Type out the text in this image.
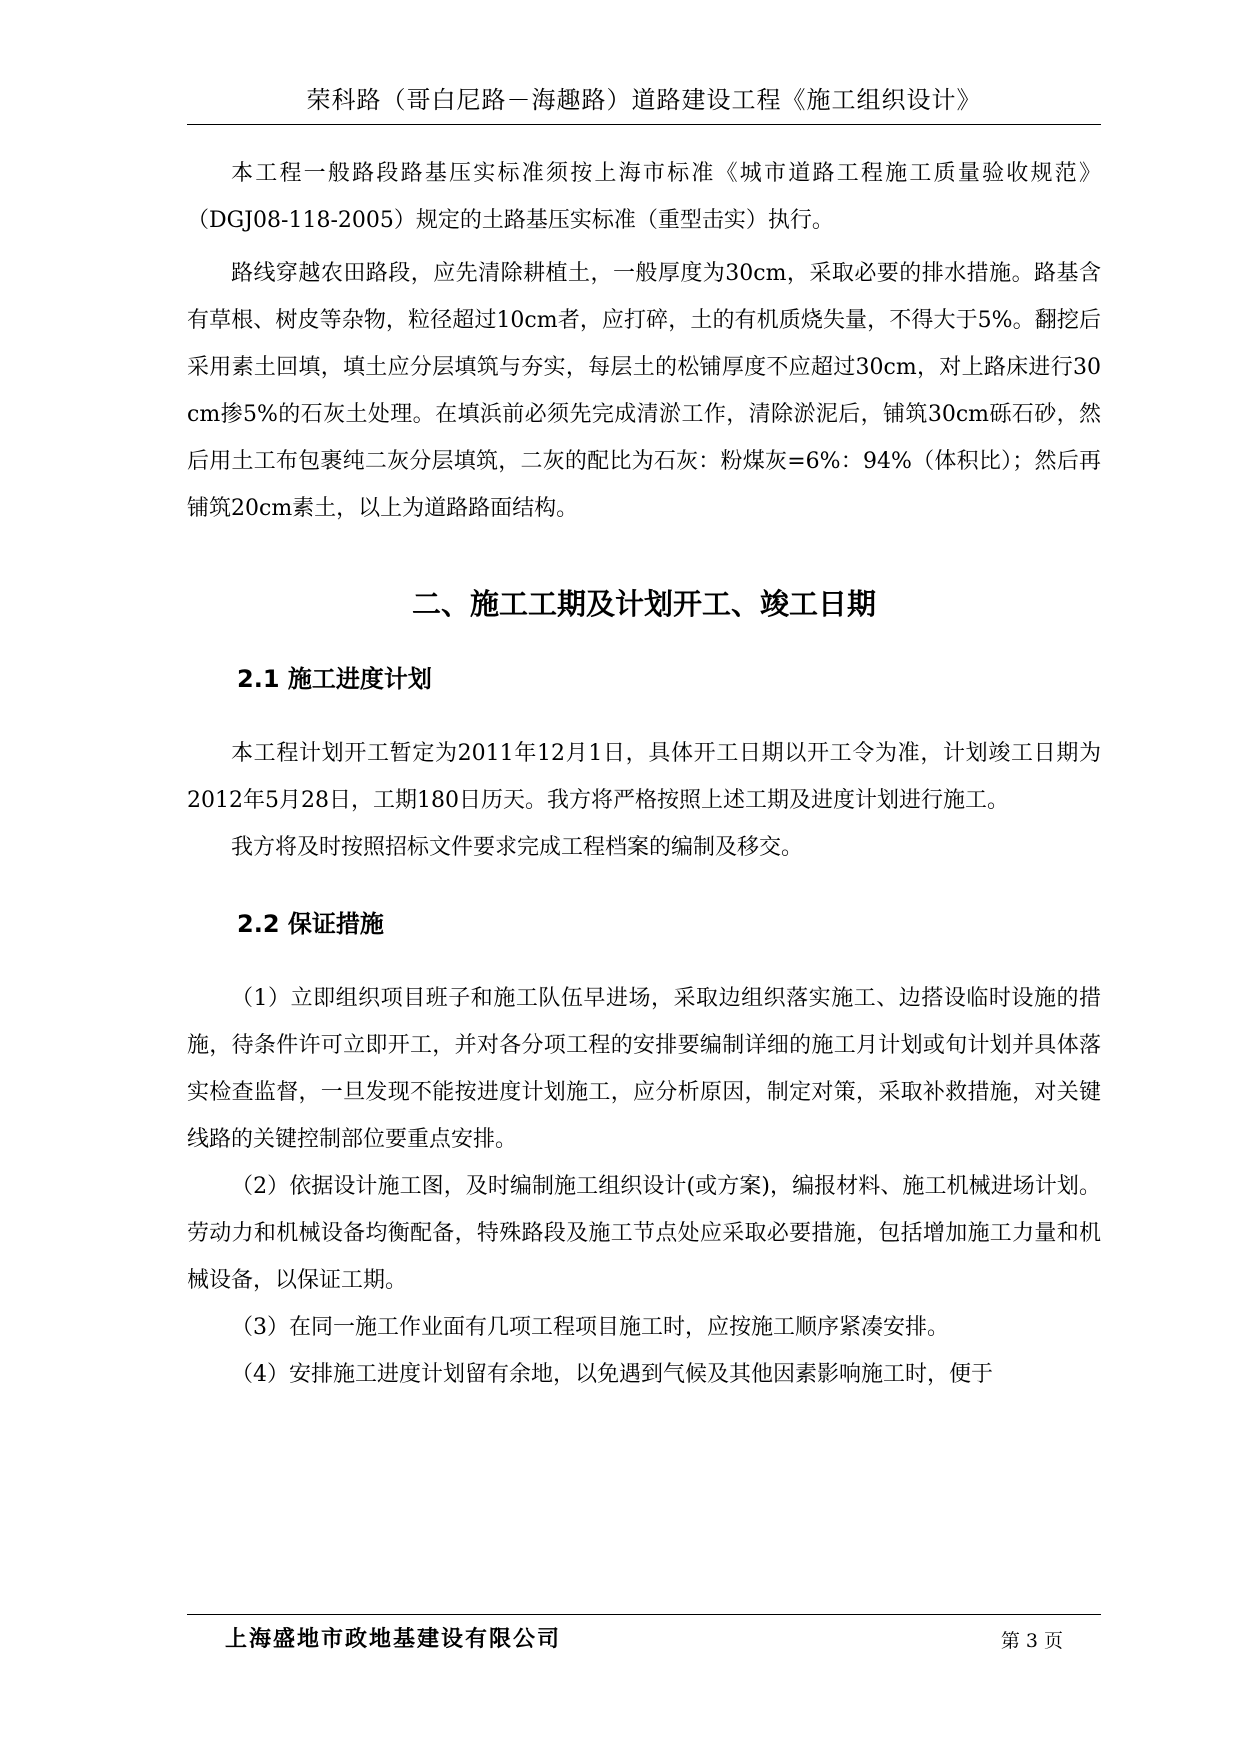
荣科路（哥白尼路－海趣路）道路建设工程《施工组织设计》

本工程一般路段路基压实标准须按上海市标准《城市道路工程施工质量验收规范》（DGJ08-118-2005）规定的土路基压实标准（重型击实）执行。

路线穿越农田路段，应先清除耕植土，一般厚度为30cm，采取必要的排水措施。路基含有草根、树皮等杂物，粒径超过10cm者，应打碎，土的有机质烧失量，不得大于5%。翻挖后采用素土回填，填土应分层填筑与夯实，每层土的松铺厚度不应超过30cm，对上路床进行30 cm掺5%的石灰土处理。在填浜前必须先完成清淤工作，清除淤泥后，铺筑30cm砾石砂，然后用土工布包裹纯二灰分层填筑，二灰的配比为石灰：粉煤灰=6%：94%（体积比）；然后再铺筑20cm素土，以上为道路路面结构。

二、施工工期及计划开工、竣工日期
2.1 施工进度计划

本工程计划开工暂定为2011年12月1日，具体开工日期以开工令为准，计划竣工日期为2012年5月28日，工期180日历天。我方将严格按照上述工期及进度计划进行施工。

我方将及时按照招标文件要求完成工程档案的编制及移交。

2.2 保证措施

（1）立即组织项目班子和施工队伍早进场，采取边组织落实施工、边搭设临时设施的措施，待条件许可立即开工，并对各分项工程的安排要编制详细的施工月计划或旬计划并具体落实检查监督，一旦发现不能按进度计划施工，应分析原因，制定对策，采取补救措施，对关键线路的关键控制部位要重点安排。

（2）依据设计施工图，及时编制施工组织设计(或方案)，编报材料、施工机械进场计划。劳动力和机械设备均衡配备，特殊路段及施工节点处应采取必要措施，包括增加施工力量和机械设备，以保证工期。

（3）在同一施工作业面有几项工程项目施工时，应按施工顺序紧凑安排。

（4）安排施工进度计划留有余地，以免遇到气候及其他因素影响施工时，便于

上海盛地市政地基建设有限公司	第 3 页
